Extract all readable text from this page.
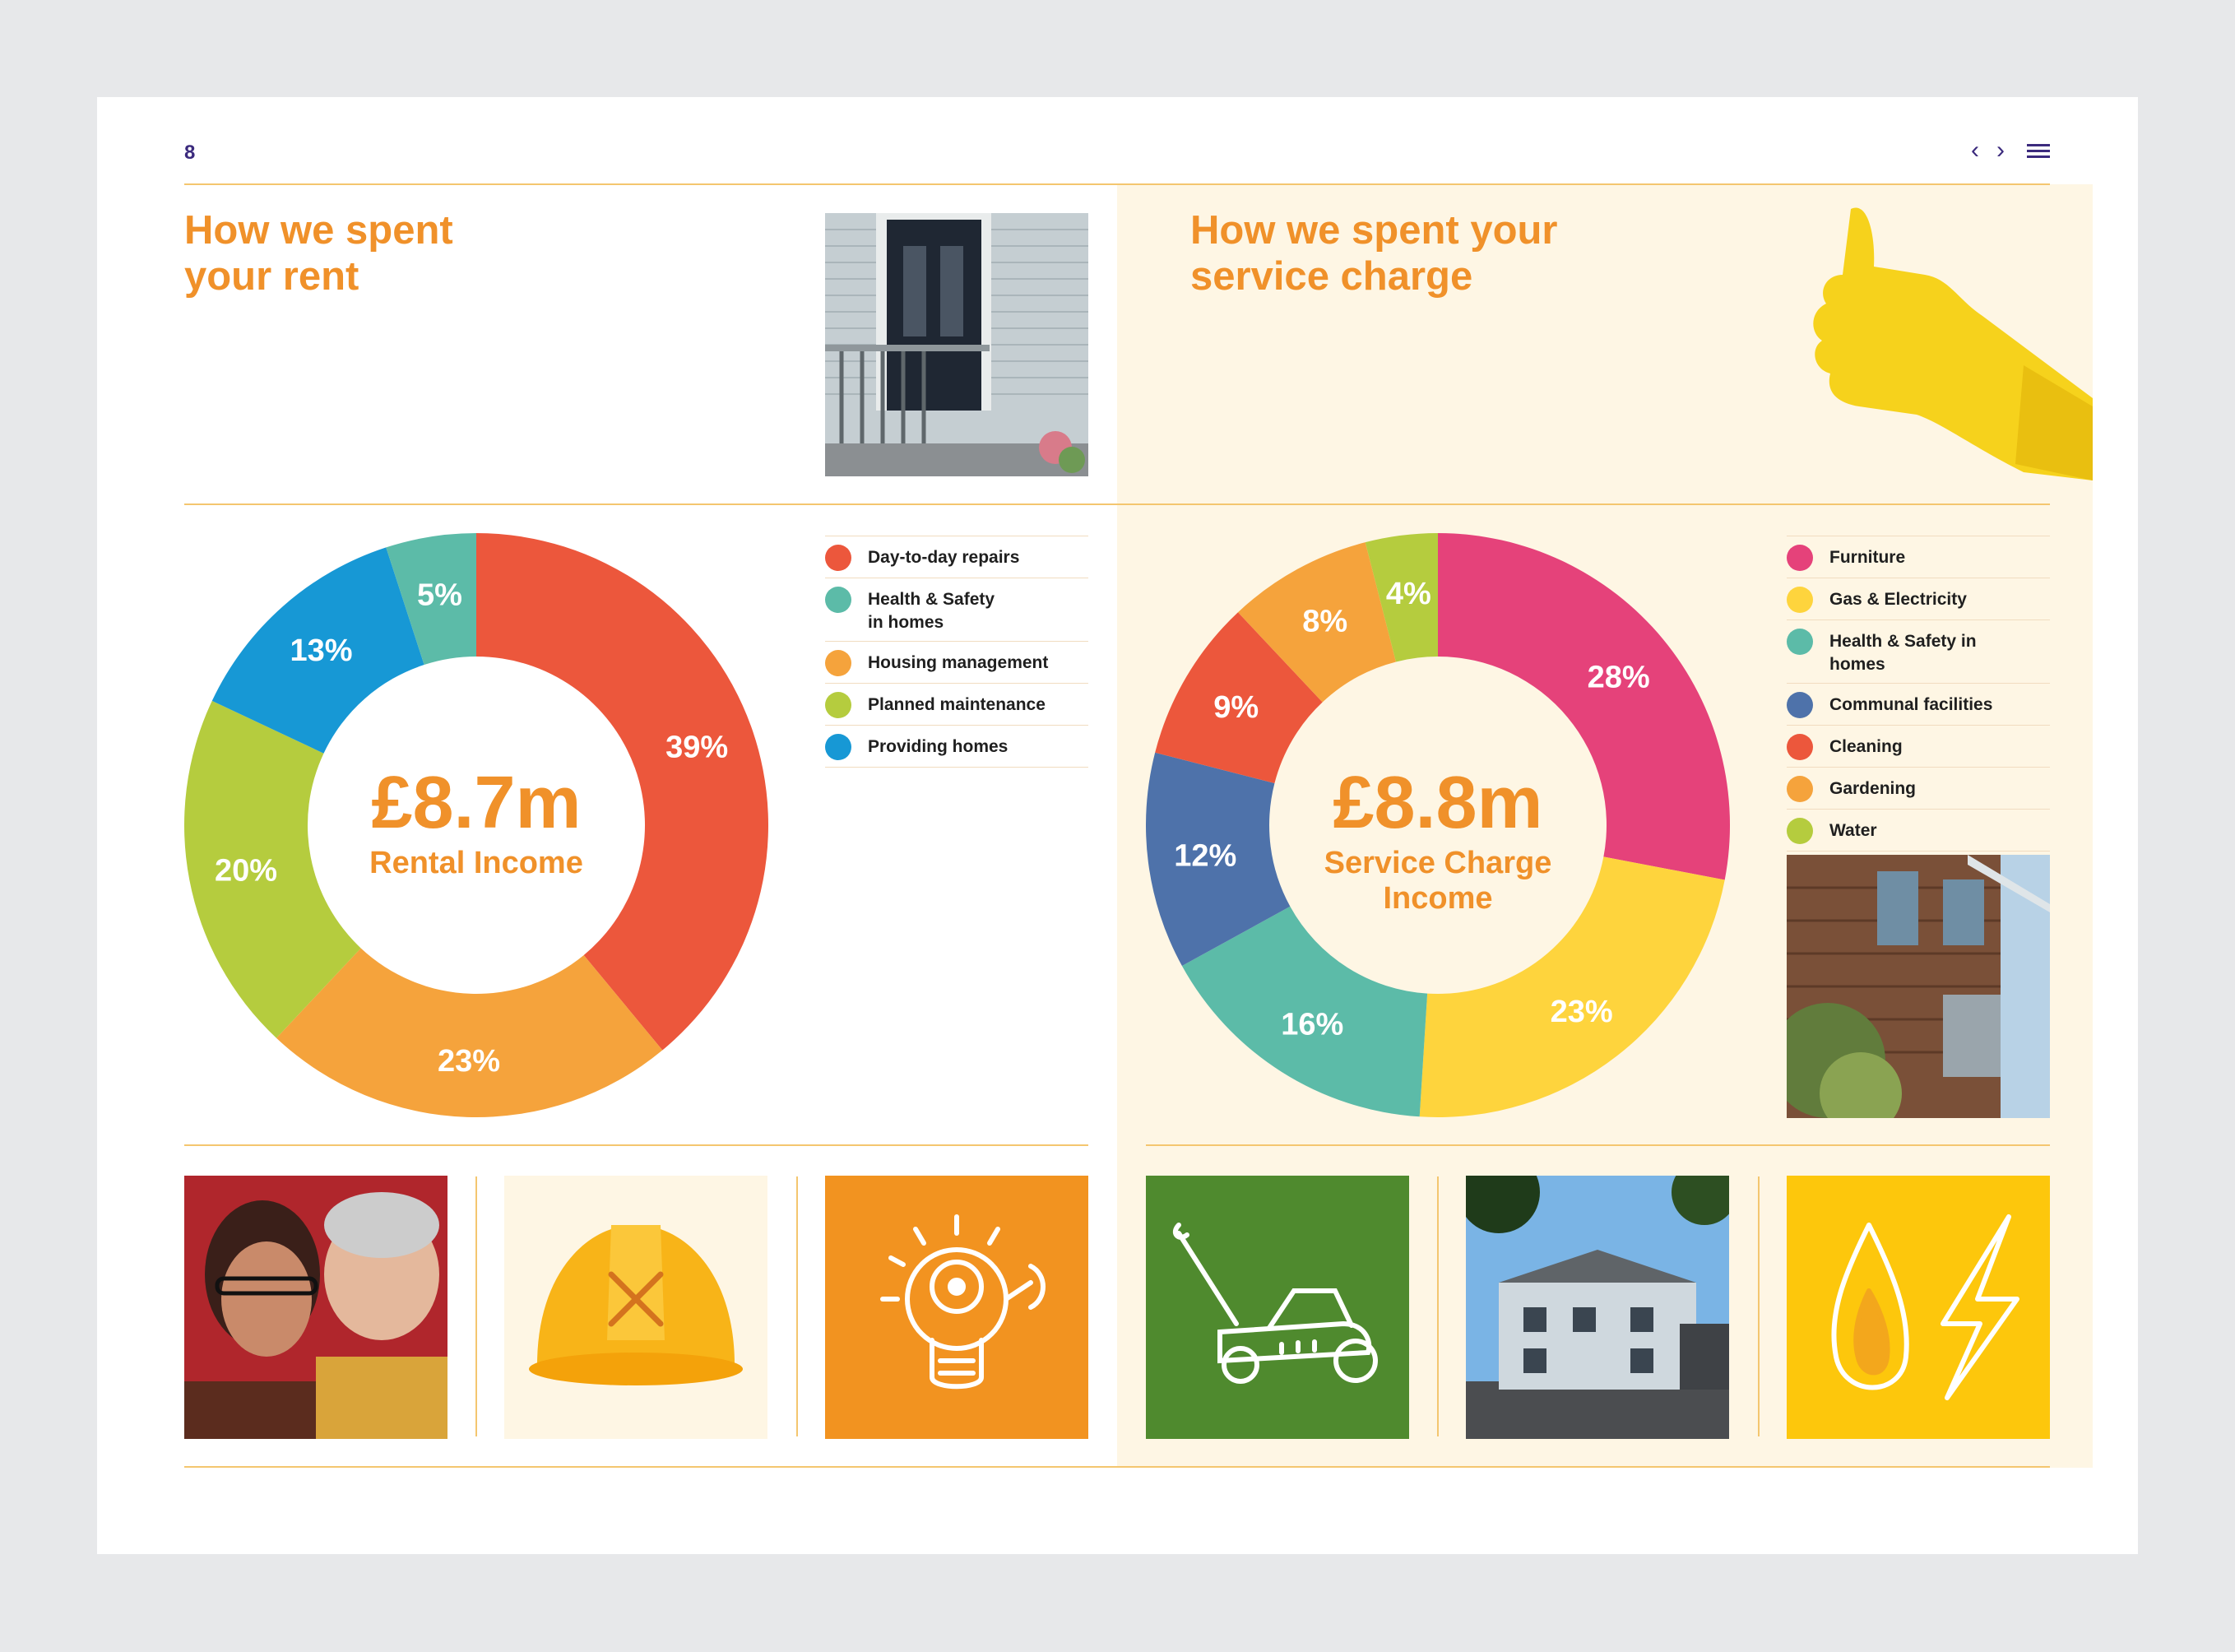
8	‹ ›
How we spent
your rent
How we spent your
service charge
39%
23%
20%
13%
5%
£8.7m
Rental Income
28%
23%
16%
12%
9%
8%
4%
£8.8m
Service Charge
Income
Day-to-day repairs
Health & Safety
in homes
Housing management
Planned maintenance
Providing homes
Furniture
Gas & Electricity
Health & Safety in homes
Communal facilities
Cleaning
Gardening
Water
